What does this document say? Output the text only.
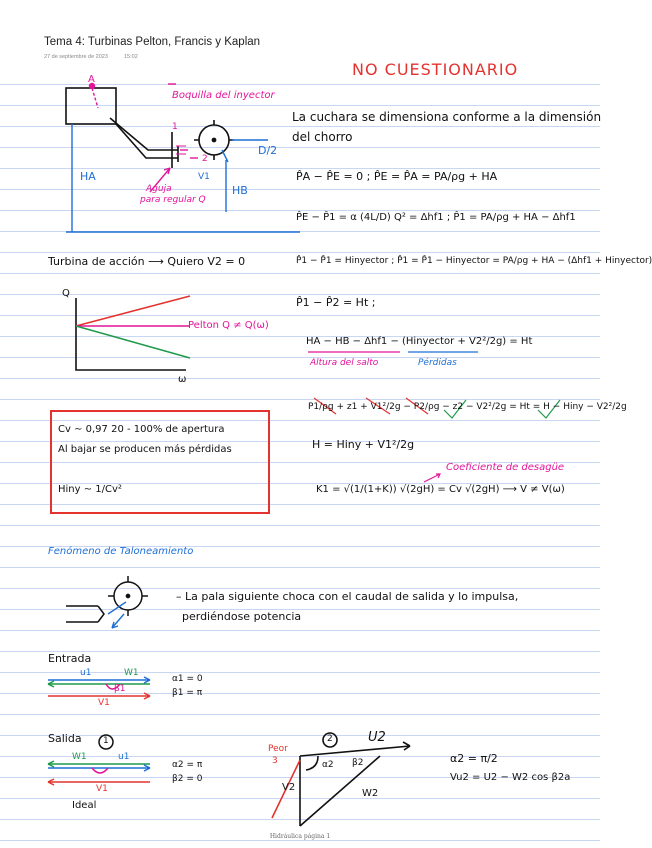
Tema 4: Turbinas Pelton, Francis y Kaplan
27 de septiembre de 2023	15:02
NO CUESTIONARIO
A
Boquilla del inyector
HA
HB
D/2
Aguja
para regular Q
V1
1
2
La cuchara se dimensiona conforme a la dimensión
del chorro
P̂A − P̂E = 0 ; P̂E = P̂A = PA/ρg + HA
P̂E − P̂1 = α (4L/D) Q² = Δhf1 ; P̂1 = PA/ρg + HA − Δhf1
P̂1 − P̂1 = Hinyector ; P̂1 = P̂1 − Hinyector = PA/ρg + HA − (Δhf1 + Hinyector)
P̂1 − P̂2 = Ht ;
HA − HB − Δhf1 − (Hinyector + V2²/2g) = Ht
Altura del salto	Pérdidas
P1/ρg + z1 + V1²/2g − P2/ρg − z2 − V2²/2g = Ht = H − Hiny − V2²/2g
H = Hiny + V1²/2g
Coeficiente de desagüe
K1 = √(1/(1+K)) √(2gH) = Cv √(2gH) ⟶ V ≠ V(ω)
Turbina de acción ⟶ Quiero V2 = 0
Q
ω
Pelton Q ≠ Q(ω)
Cv ∼ 0,97 20 - 100% de apertura
Al bajar se producen más pérdidas
Hiny ∼ 1/Cv²
Fenómeno de Taloneamiento
– La pala siguiente choca con el caudal de salida y lo impulsa,
perdiéndose potencia
Entrada
u1	W1
V1
β1
α1 = 0
β1 = π
Salida 1
W1	u1
V1
α2 = π
β2 = 0
Ideal
2
Peor
3
U2
V2
W2
α2 β2	α2 = π/2
Vu2 = U2 − W2 cos β2a
Hidráulica página 1
